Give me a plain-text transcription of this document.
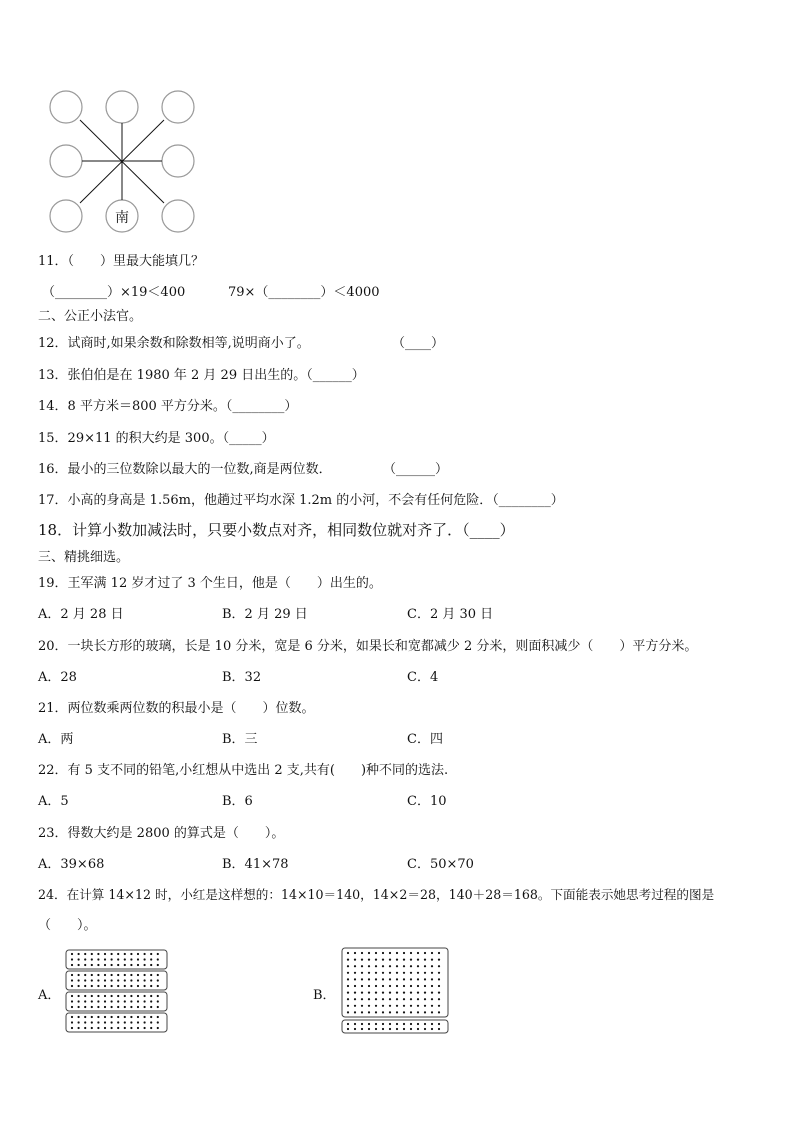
南
11．（　　）里最大能填几？
（________）×19＜400	79×（________）＜4000
二、公正小法官。
12．试商时,如果余数和除数相等,说明商小了。	（____）
13．张伯伯是在 1980 年 2 月 29 日出生的。（______）
14．8 平方米＝800 平方分米。（________）
15．29×11 的积大约是 300。（_____）
16．最小的三位数除以最大的一位数,商是两位数．	（______）
17．小高的身高是 1.56m，他趟过平均水深 1.2m 的小河，不会有任何危险．（________）
18．计算小数加减法时，只要小数点对齐，相同数位就对齐了．（____）
三、精挑细选。
19．王军满 12 岁才过了 3 个生日，他是（　　）出生的。
A．2 月 28 日	B．2 月 29 日	C．2 月 30 日
20．一块长方形的玻璃，长是 10 分米，宽是 6 分米，如果长和宽都减少 2 分米，则面积减少（　　）平方分米。
A．28	B．32	C．4
21．两位数乘两位数的积最小是（　　）位数。
A．两	B．三	C．四
22．有 5 支不同的铅笔,小红想从中选出 2 支,共有(　　)种不同的选法.
A．5	B．6	C．10
23．得数大约是 2800 的算式是（　　）。
A．39×68	B．41×78	C．50×70
24．在计算 14×12 时，小红是这样想的：14×10＝140，14×2＝28，140＋28＝168。下面能表示她思考过程的图是
（　　）。
A．	B．
